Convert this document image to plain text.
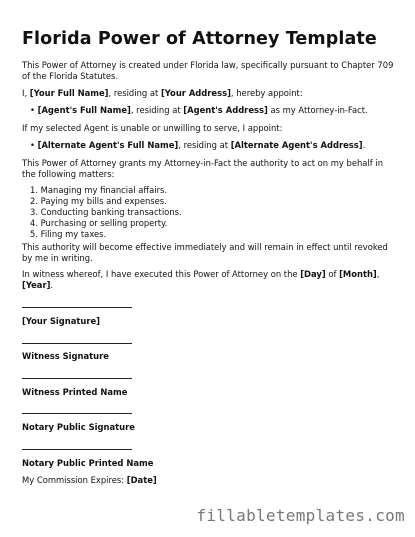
Florida Power of Attorney Template
This Power of Attorney is created under Florida law, specifically pursuant to Chapter 709 of the Florida Statutes.
I, [Your Full Name], residing at [Your Address], hereby appoint:
• [Agent's Full Name], residing at [Agent's Address] as my Attorney-in-Fact.
If my selected Agent is unable or unwilling to serve, I appoint:
• [Alternate Agent's Full Name], residing at [Alternate Agent's Address].
This Power of Attorney grants my Attorney-in-Fact the authority to act on my behalf in the following matters:
1. Managing my financial affairs.
2. Paying my bills and expenses.
3. Conducting banking transactions.
4. Purchasing or selling property.
5. Filing my taxes.
This authority will become effective immediately and will remain in effect until revoked by me in writing.
In witness whereof, I have executed this Power of Attorney on the [Day] of [Month], [Year].
[Your Signature]
Witness Signature
Witness Printed Name
Notary Public Signature
Notary Public Printed Name
My Commission Expires: [Date]
fillabletemplates.com
